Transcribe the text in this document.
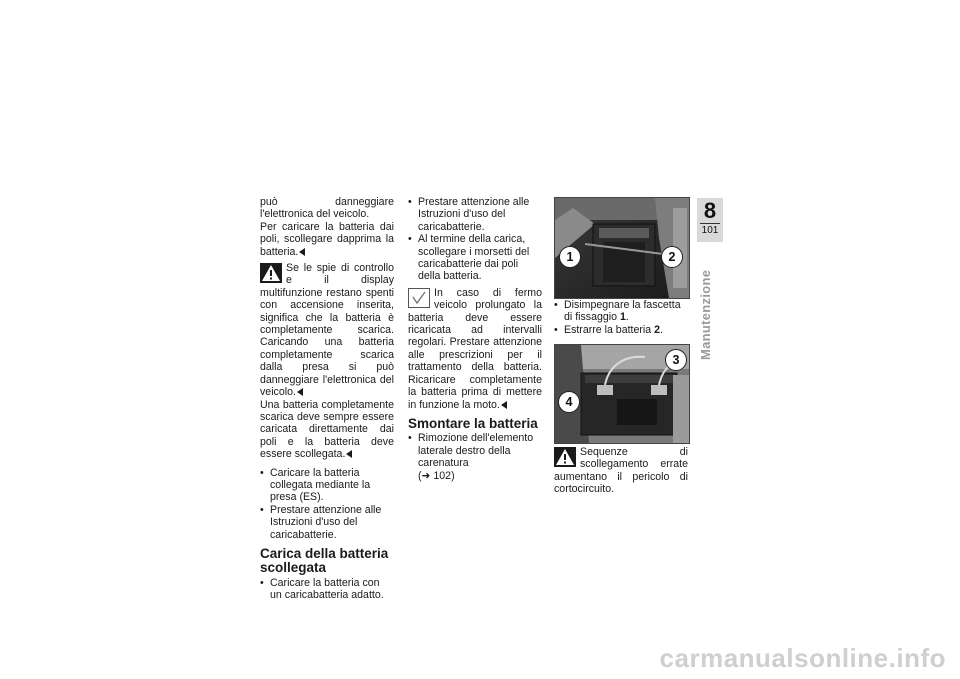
può danneggiare l'elettronica del veicolo.

Per caricare la batteria dai poli, scollegare dapprima la batteria.

Se le spie di controllo e il display multifunzione restano spenti con accensione inserita, significa che la batteria è completamente scarica. Caricando una batteria completamente scarica dalla presa si può danneggiare l'elettronica del veicolo.

Una batteria completamente scarica deve sempre essere caricata direttamente dai poli e la batteria deve essere scollegata.

• Caricare la batteria collegata mediante la presa (ES).
• Prestare attenzione alle Istruzioni d'uso del caricabatterie.
Carica della batteria scollegata
• Caricare la batteria con un caricabatteria adatto.
• Prestare attenzione alle Istruzioni d'uso del caricabatterie.
• Al termine della carica, scollegare i morsetti del caricabatterie dai poli della batteria.

In caso di fermo veicolo prolungato la batteria deve essere ricaricata ad intervalli regolari. Prestare attenzione alle prescrizioni per il trattamento della batteria. Ricaricare completamente la batteria prima di mettere in funzione la moto.

Smontare la batteria
• Rimozione dell'elemento laterale destro della carenatura
(➜ 102)
1	2
• Disimpegnare la fascetta di fissaggio 1.
• Estrarre la batteria 2.
3
4

Sequenze di scollegamento errate aumentano il pericolo di cortocircuito.

8
101
Manutenzione
carmanualsonline.info
